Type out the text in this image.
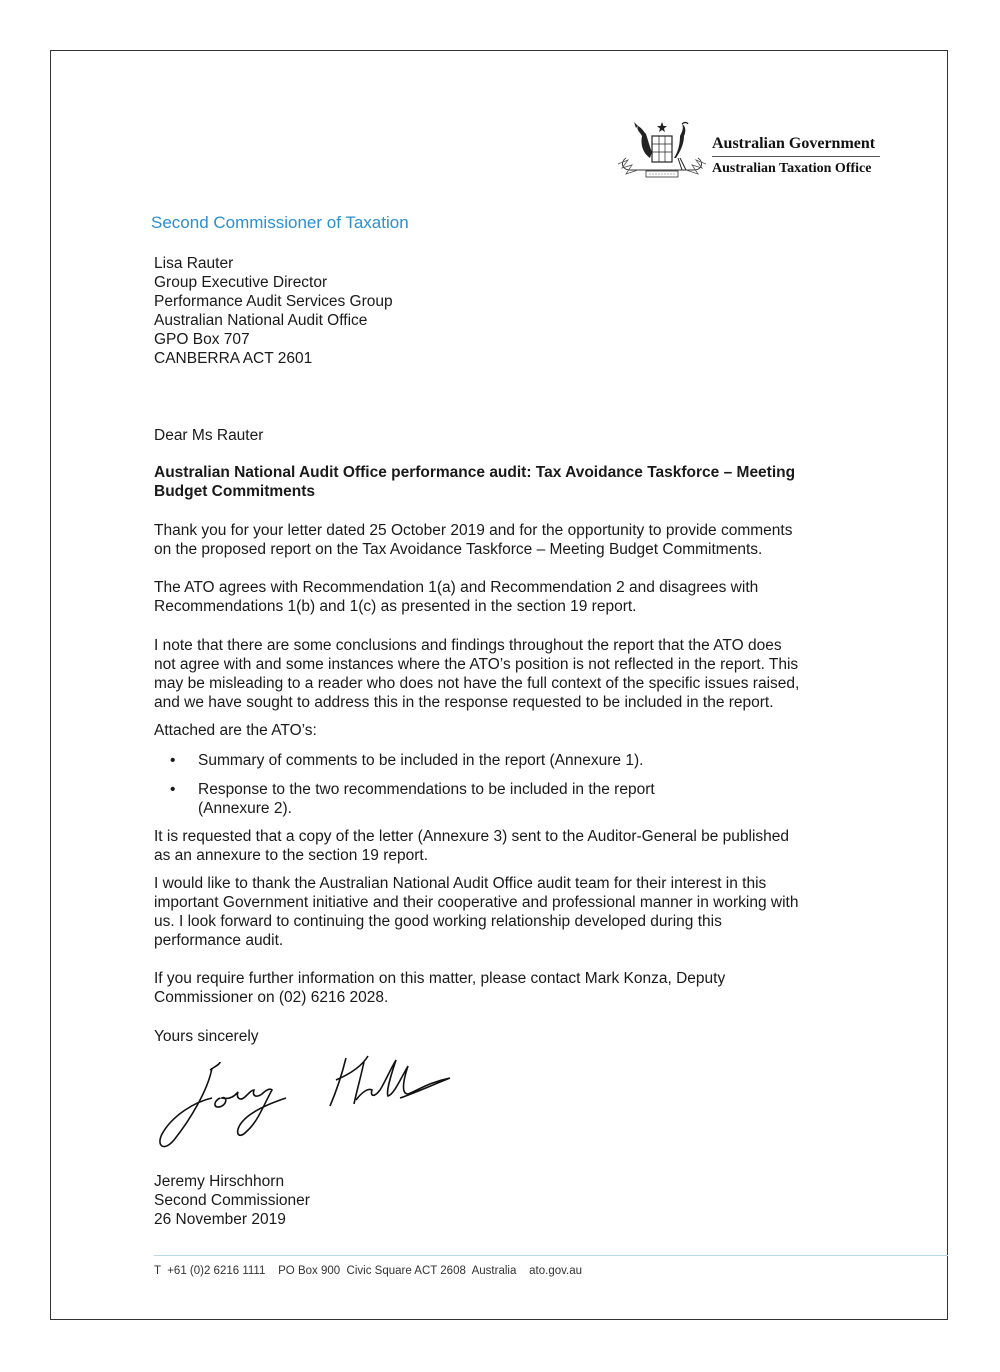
Australian Government
Australian Taxation Office
Second Commissioner of Taxation
Lisa Rauter
Group Executive Director
Performance Audit Services Group
Australian National Audit Office
GPO Box 707
CANBERRA ACT 2601
Dear Ms Rauter
Australian National Audit Office performance audit: Tax Avoidance Taskforce – Meeting
Budget Commitments
Thank you for your letter dated 25 October 2019 and for the opportunity to provide comments
on the proposed report on the Tax Avoidance Taskforce – Meeting Budget Commitments.
The ATO agrees with Recommendation 1(a) and Recommendation 2 and disagrees with
Recommendations 1(b) and 1(c) as presented in the section 19 report.
I note that there are some conclusions and findings throughout the report that the ATO does
not agree with and some instances where the ATO’s position is not reflected in the report. This
may be misleading to a reader who does not have the full context of the specific issues raised,
and we have sought to address this in the response requested to be included in the report.
Attached are the ATO’s:
• Summary of comments to be included in the report (Annexure 1).
• Response to the two recommendations to be included in the report
(Annexure 2).
It is requested that a copy of the letter (Annexure 3) sent to the Auditor-General be published
as an annexure to the section 19 report.
I would like to thank the Australian National Audit Office audit team for their interest in this
important Government initiative and their cooperative and professional manner in working with
us. I look forward to continuing the good working relationship developed during this
performance audit.
If you require further information on this matter, please contact Mark Konza, Deputy
Commissioner on (02) 6216 2028.
Yours sincerely
Jeremy Hirschhorn
Second Commissioner
26 November 2019
T  +61 (0)2 6216 1111    PO Box 900  Civic Square ACT 2608  Australia    ato.gov.au
